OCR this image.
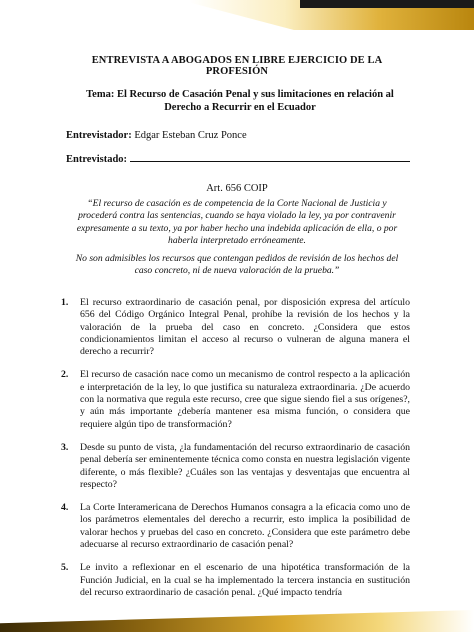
ENTREVISTA A ABOGADOS EN LIBRE EJERCICIO DE LA PROFESIÓN
Tema: El Recurso de Casación Penal y sus limitaciones en relación al Derecho a Recurrir en el Ecuador
Entrevistador: Edgar Esteban Cruz Ponce
Entrevistado:
Art. 656 COIP

“El recurso de casación es de competencia de la Corte Nacional de Justicia y procederá contra las sentencias, cuando se haya violado la ley, ya por contravenir expresamente a su texto, ya por haber hecho una indebida aplicación de ella, o por haberla interpretado erróneamente.

No son admisibles los recursos que contengan pedidos de revisión de los hechos del caso concreto, ni de nueva valoración de la prueba.”

1. El recurso extraordinario de casación penal, por disposición expresa del artículo 656 del Código Orgánico Integral Penal, prohíbe la revisión de los hechos y la valoración de la prueba del caso en concreto. ¿Considera que estos condicionamientos limitan el acceso al recurso o vulneran de alguna manera el derecho a recurrir?
2. El recurso de casación nace como un mecanismo de control respecto a la aplicación e interpretación de la ley, lo que justifica su naturaleza extraordinaria. ¿De acuerdo con la normativa que regula este recurso, cree que sigue siendo fiel a sus orígenes?, y aún más importante ¿debería mantener esa misma función, o considera que requiere algún tipo de transformación?
3. Desde su punto de vista, ¿la fundamentación del recurso extraordinario de casación penal debería ser eminentemente técnica como consta en nuestra legislación vigente diferente, o más flexible? ¿Cuáles son las ventajas y desventajas que encuentra al respecto?
4. La Corte Interamericana de Derechos Humanos consagra a la eficacia como uno de los parámetros elementales del derecho a recurrir, esto implica la posibilidad de valorar hechos y pruebas del caso en concreto. ¿Considera que este parámetro debe adecuarse al recurso extraordinario de casación penal?
5. Le invito a reflexionar en el escenario de una hipotética transformación de la Función Judicial, en la cual se ha implementado la tercera instancia en sustitución del recurso extraordinario de casación penal. ¿Qué impacto tendría
